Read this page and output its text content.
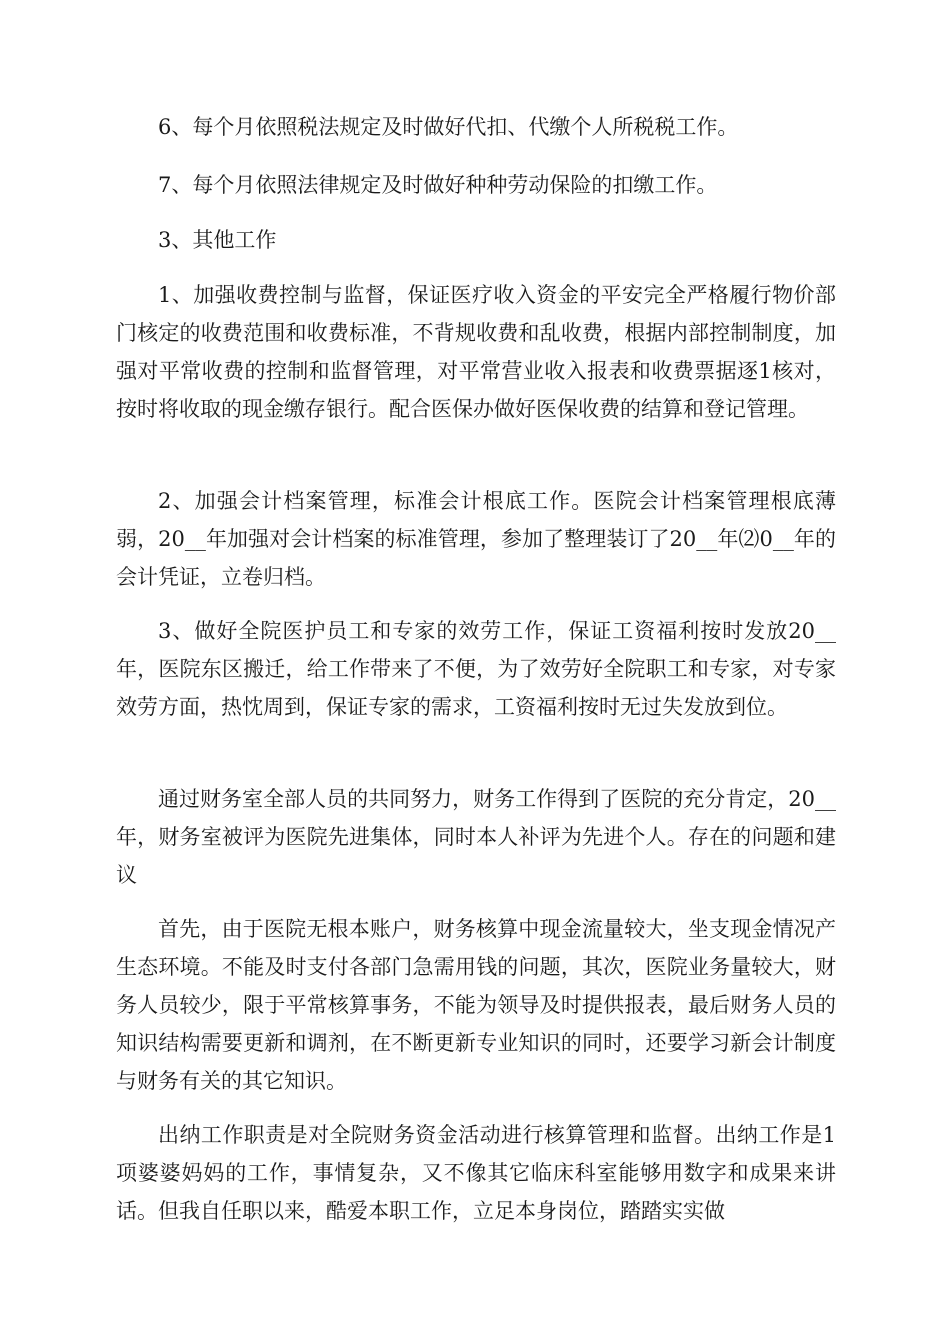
6、每个月依照税法规定及时做好代扣、代缴个人所税税工作。

7、每个月依照法律规定及时做好种种劳动保险的扣缴工作。

3、其他工作

1、加强收费控制与监督，保证医疗收入资金的平安完全严格履行物价部门核定的收费范围和收费标准，不背规收费和乱收费，根据内部控制制度，加强对平常收费的控制和监督管理，对平常营业收入报表和收费票据逐1核对，按时将收取的现金缴存银行。配合医保办做好医保收费的结算和登记管理。

2、加强会计档案管理，标准会计根底工作。医院会计档案管理根底薄弱，20__年加强对会计档案的标准管理，参加了整理装订了20__年⑵0__年的会计凭证，立卷归档。

3、做好全院医护员工和专家的效劳工作，保证工资福利按时发放20__年，医院东区搬迁，给工作带来了不便，为了效劳好全院职工和专家，对专家效劳方面，热忱周到，保证专家的需求，工资福利按时无过失发放到位。

通过财务室全部人员的共同努力，财务工作得到了医院的充分肯定，20__年，财务室被评为医院先进集体，同时本人补评为先进个人。存在的问题和建议

首先，由于医院无根本账户，财务核算中现金流量较大，坐支现金情况产生态环境。不能及时支付各部门急需用钱的问题，其次，医院业务量较大，财务人员较少，限于平常核算事务，不能为领导及时提供报表，最后财务人员的知识结构需要更新和调剂，在不断更新专业知识的同时，还要学习新会计制度与财务有关的其它知识。

出纳工作职责是对全院财务资金活动进行核算管理和监督。出纳工作是1项婆婆妈妈的工作，事情复杂，又不像其它临床科室能够用数字和成果来讲话。但我自任职以来，酷爱本职工作，立足本身岗位，踏踏实实做
